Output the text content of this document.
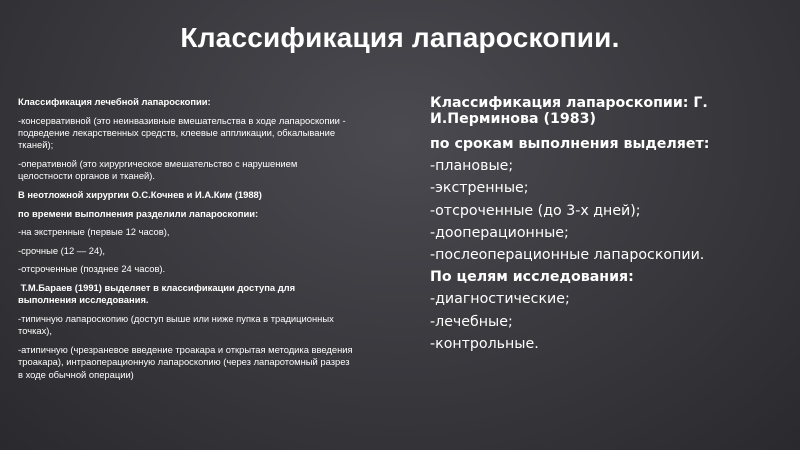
Классификация лапароскопии.

Классификация лечебной лапароскопии:

-консервативной (это неинвазивные вмешательства в ходе лапароскопии - подведение лекарственных средств, клеевые аппликации, обкалывание тканей);

-оперативной (это хирургическое вмешательство с нарушением целостности органов и тканей).

В неотложной хирургии О.С.Кочнев и И.А.Ким (1988)

по времени выполнения разделили лапароскопии:

-на экстренные (первые 12 часов),

-срочные (12 — 24),

-отсроченные (позднее 24 часов).

Т.М.Бараев (1991) выделяет в классификации доступа для выполнения исследования.

-типичную лапароскопию (доступ выше или ниже пупка в традиционных точках),

-атипичную (чрезраневое введение троакара и открытая методика введения троакара), интраоперационную лапароскопию (через лапаротомный разрез в ходе обычной операции)

Классификация лапароскопии: Г. И.Перминова (1983)

по срокам выполнения выделяет:

-плановые;

-экстренные;

-отсроченные (до 3-х дней);

-дооперационные;

-послеоперационные лапароскопии.

По целям исследования:

-диагностические;

-лечебные;

-контрольные.
